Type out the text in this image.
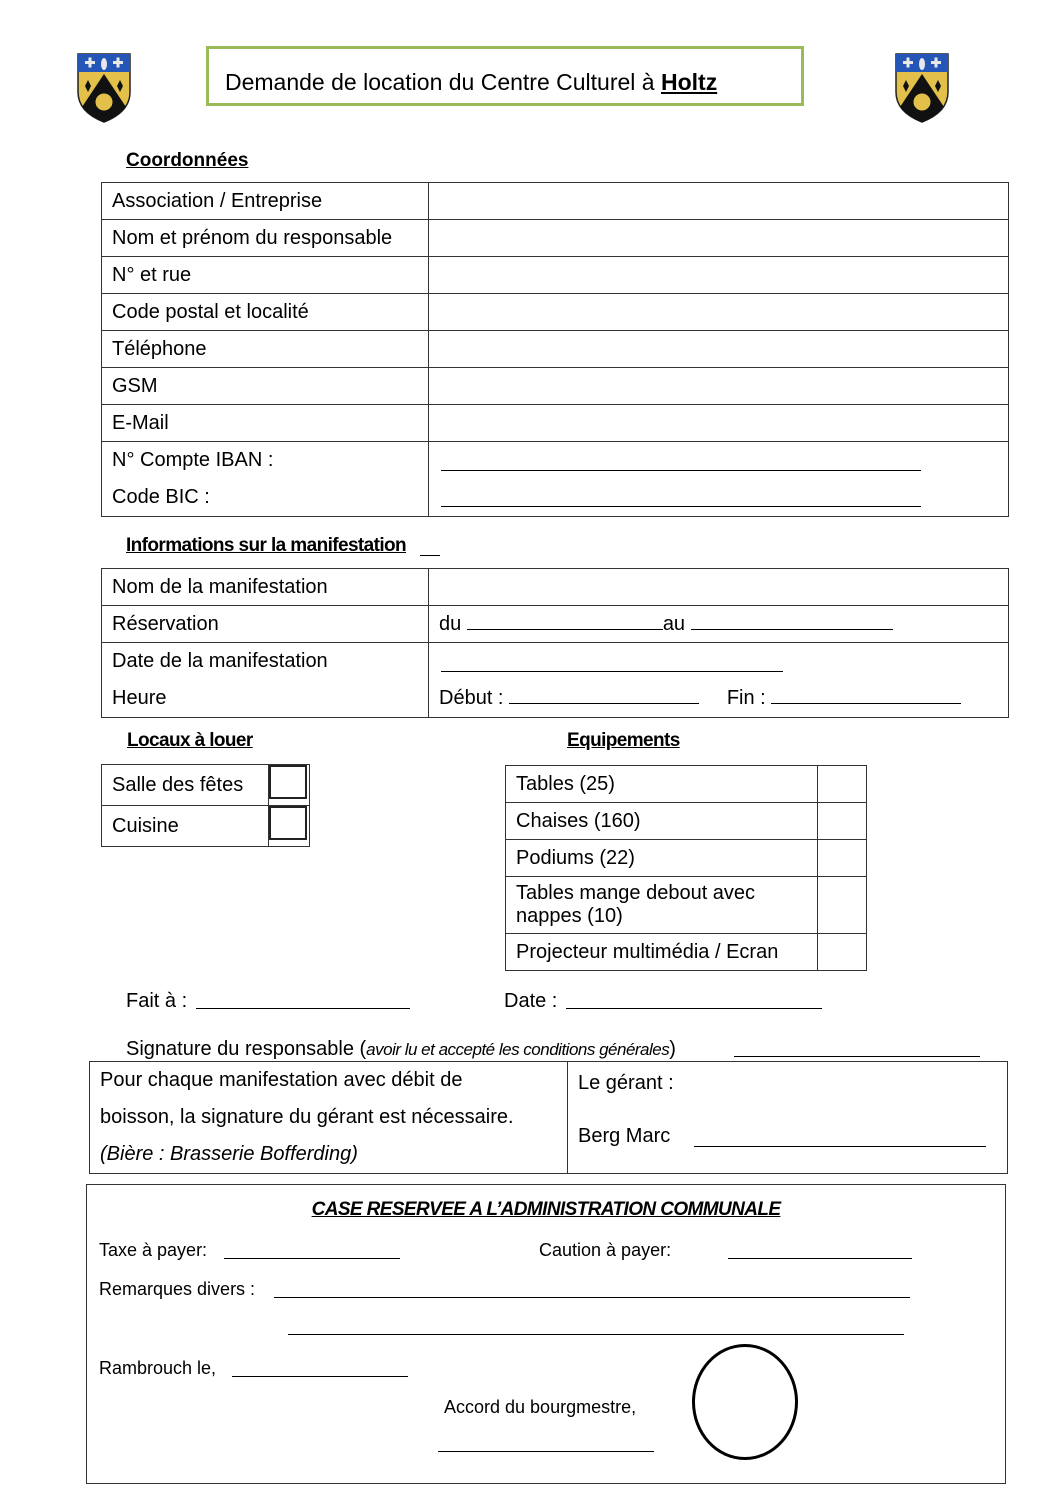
Demande de location du Centre Culturel à Holtz
Coordonnées
Association / Entreprise	
Nom et prénom du responsable	
N° et rue	
Code postal et localité	
Téléphone	
GSM	
E-Mail	

N° Compte IBAN :
Code BIC :	

Informations sur la manifestation
Nom de la manifestation	
Réservation	du au

Date de la manifestation
Heure	Début : Fin :
Locaux à louer
Salle des fêtes	
Cuisine	
Equipements
Tables (25)	
Chaises (160)	
Podiums (22)	
Tables mange debout avec nappes (10)	
Projecteur multimédia / Ecran	
Fait à :	Date :
Signature du responsable (avoir lu et accepté les conditions générales)
Pour chaque manifestation avec débit de
boisson, la signature du gérant est nécessaire.
(Bière : Brasserie Bofferding)

Le gérant :
Berg Marc
CASE RESERVEE A L’ADMINISTRATION COMMUNALE
Taxe à payer:	Caution à payer:
Remarques divers :
Rambrouch le,
Accord du bourgmestre,
